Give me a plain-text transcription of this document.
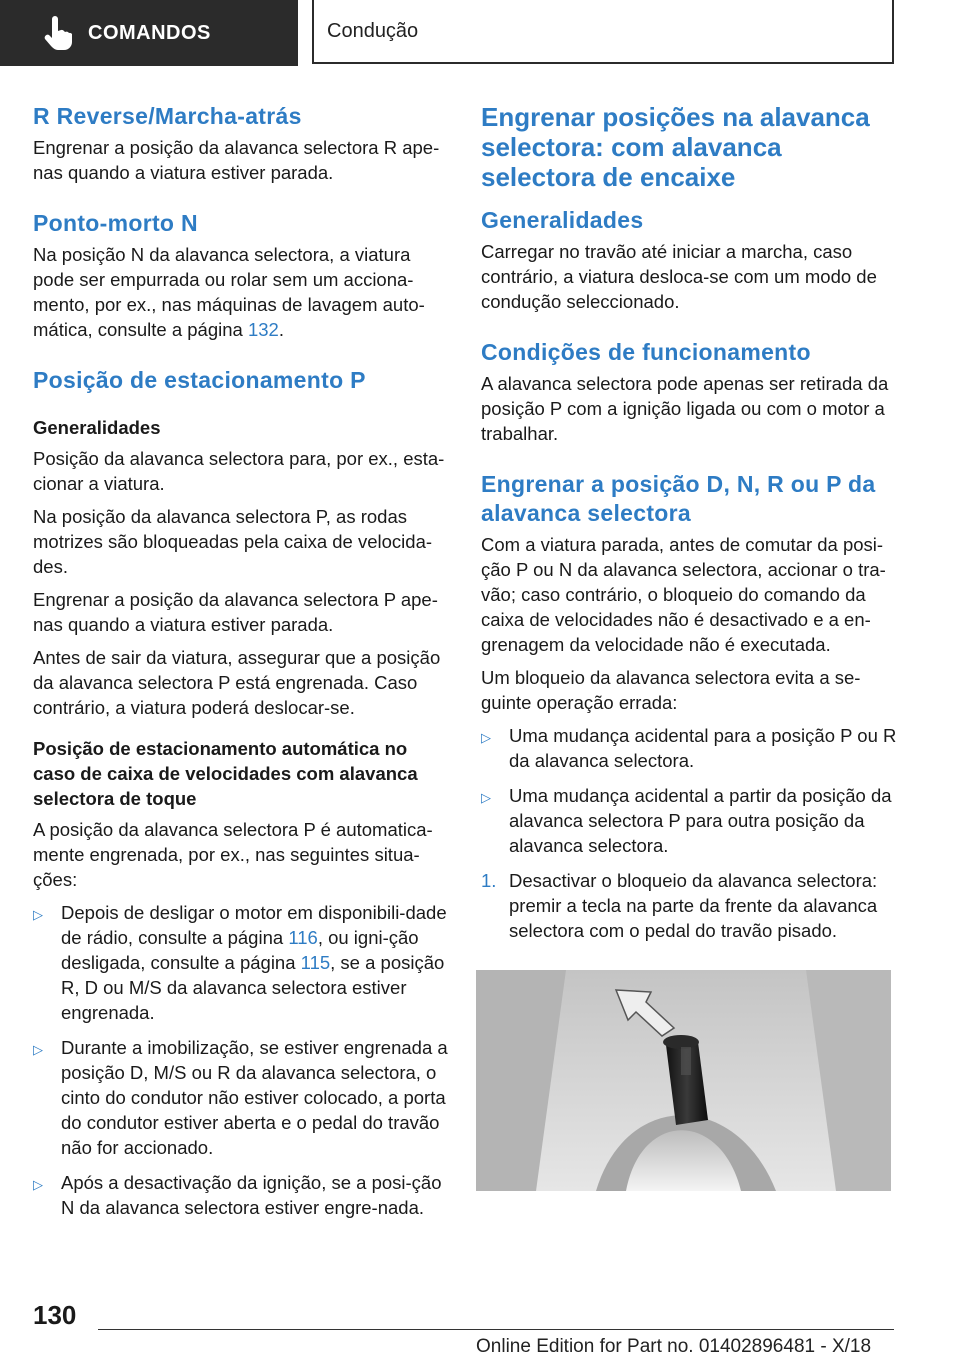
COMANDOS	Condução
R Reverse/Marcha-atrás

Engrenar a posição da alavanca selectora R ape-nas quando a viatura estiver parada.

Ponto-morto N

Na posição N da alavanca selectora, a viatura pode ser empurrada ou rolar sem um acciona-mento, por ex., nas máquinas de lavagem auto-mática, consulte a página 132.

Posição de estacionamento P
Generalidades

Posição da alavanca selectora para, por ex., esta-cionar a viatura.

Na posição da alavanca selectora P, as rodas motrizes são bloqueadas pela caixa de velocida-des.

Engrenar a posição da alavanca selectora P ape-nas quando a viatura estiver parada.

Antes de sair da viatura, assegurar que a posição da alavanca selectora P está engrenada. Caso contrário, a viatura poderá deslocar-se.

Posição de estacionamento automática no caso de caixa de velocidades com alavanca selectora de toque

A posição da alavanca selectora P é automatica-mente engrenada, por ex., nas seguintes situa-ções:

▷ Depois de desligar o motor em disponibili-dade de rádio, consulte a página 116, ou igni-ção desligada, consulte a página 115, se a posição R, D ou M/S da alavanca selectora estiver engrenada.
▷ Durante a imobilização, se estiver engrenada a posição D, M/S ou R da alavanca selectora, o cinto do condutor não estiver colocado, a porta do condutor estiver aberta e o pedal do travão não for accionado.
▷ Após a desactivação da ignição, se a posi-ção N da alavanca selectora estiver engre-nada.
Engrenar posições na alavanca selectora: com alavanca selectora de encaixe
Generalidades

Carregar no travão até iniciar a marcha, caso contrário, a viatura desloca-se com um modo de condução seleccionado.

Condições de funcionamento

A alavanca selectora pode apenas ser retirada da posição P com a ignição ligada ou com o motor a trabalhar.

Engrenar a posição D, N, R ou P da alavanca selectora

Com a viatura parada, antes de comutar da posi-ção P ou N da alavanca selectora, accionar o tra-vão; caso contrário, o bloqueio do comando da caixa de velocidades não é desactivado e a en-grenagem da velocidade não é executada.

Um bloqueio da alavanca selectora evita a se-guinte operação errada:

▷ Uma mudança acidental para a posição P ou R da alavanca selectora.
▷ Uma mudança acidental a partir da posição da alavanca selectora P para outra posição da alavanca selectora.
1. Desactivar o bloqueio da alavanca selectora: premir a tecla na parte da frente da alavanca selectora com o pedal do travão pisado.
130
Online Edition for Part no. 01402896481 - X/18
